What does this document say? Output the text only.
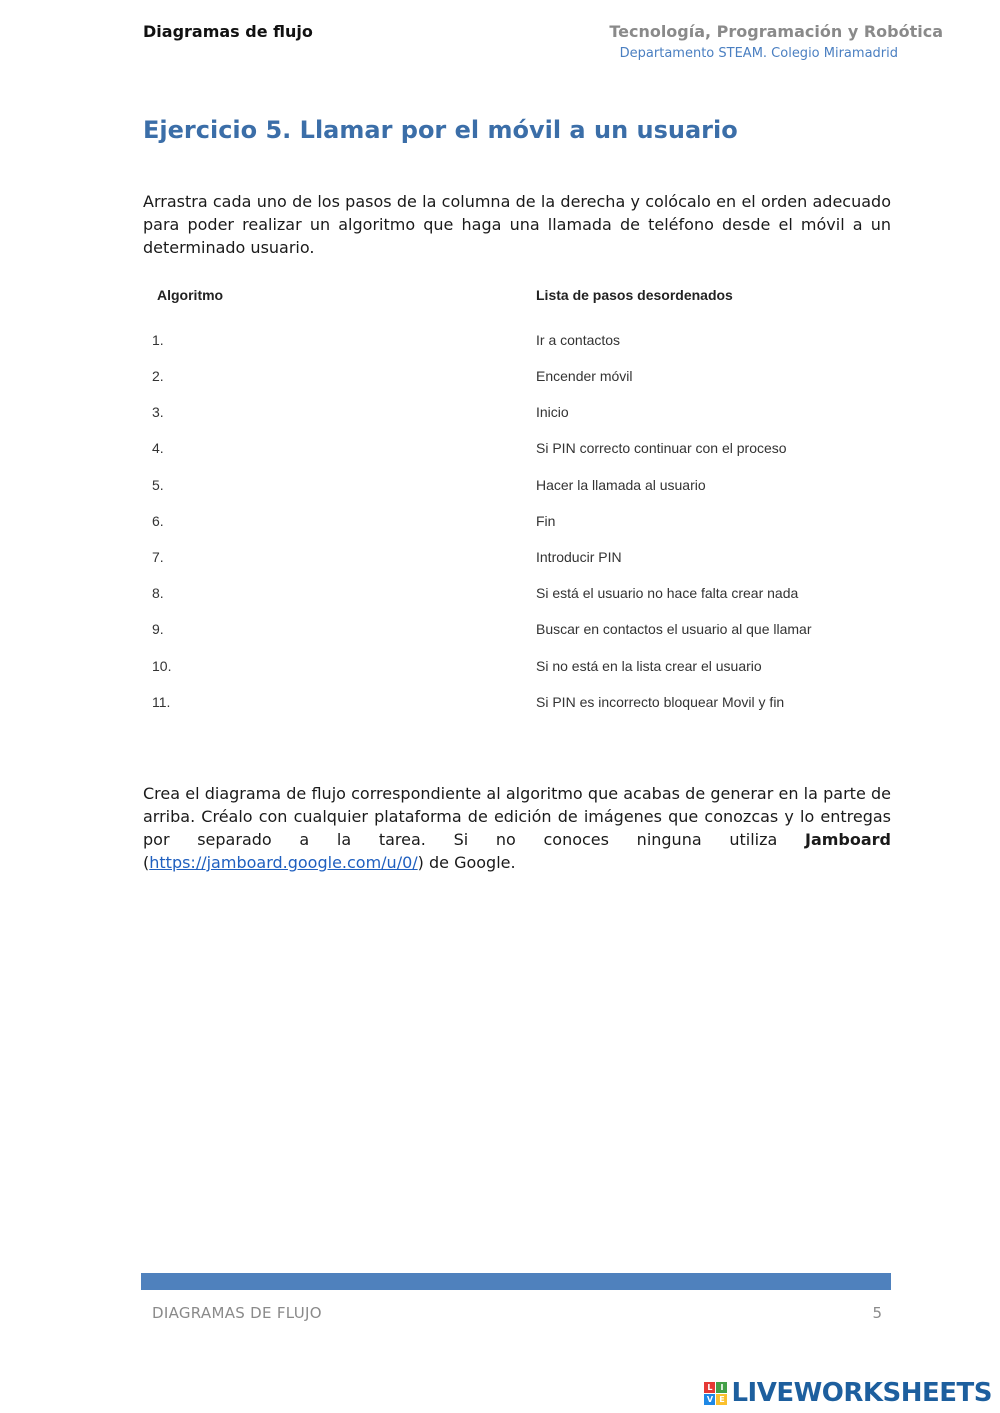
Diagramas de flujo	Tecnología, Programación y Robótica
Departamento STEAM. Colegio Miramadrid
Ejercicio 5. Llamar por el móvil a un usuario

Arrastra cada uno de los pasos de la columna de la derecha y colócalo en el orden adecuado para poder realizar un algoritmo que haga una llamada de teléfono desde el móvil a un determinado usuario.

Algoritmo	Lista de pasos desordenados
1.	Ir a contactos
2.	Encender móvil
3.	Inicio
4.	Si PIN correcto continuar con el proceso
5.	Hacer la llamada al usuario
6.	Fin
7.	Introducir PIN
8.	Si está el usuario no hace falta crear nada
9.	Buscar en contactos el usuario al que llamar
10.	Si no está en la lista crear el usuario
11.	Si PIN es incorrecto bloquear Movil y fin

Crea el diagrama de flujo correspondiente al algoritmo que acabas de generar en la parte de arriba. Créalo con cualquier plataforma de edición de imágenes que conozcas y lo entregas por separado a la tarea. Si no conoces ninguna utiliza Jamboard (https://jamboard.google.com/u/0/) de Google.

DIAGRAMAS DE FLUJO	5
L I
V E LIVEWORKSHEETS
